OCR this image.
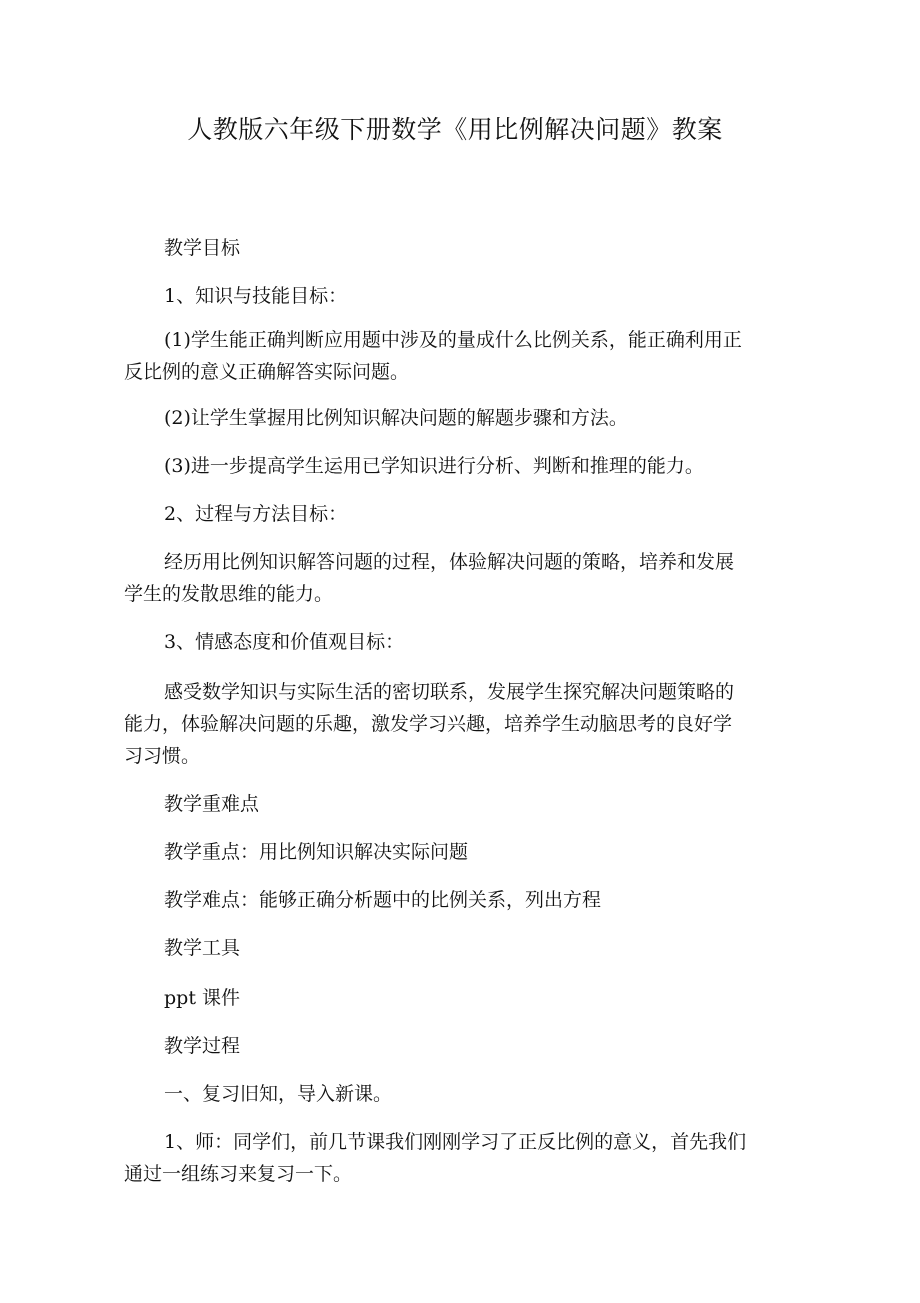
人教版六年级下册数学《用比例解决问题》教案
教学目标
1、知识与技能目标：
(1)学生能正确判断应用题中涉及的量成什么比例关系，能正确利用正
反比例的意义正确解答实际问题。
(2)让学生掌握用比例知识解决问题的解题步骤和方法。
(3)进一步提高学生运用已学知识进行分析、判断和推理的能力。
2、过程与方法目标：
经历用比例知识解答问题的过程，体验解决问题的策略，培养和发展
学生的发散思维的能力。
3、情感态度和价值观目标：
感受数学知识与实际生活的密切联系，发展学生探究解决问题策略的
能力，体验解决问题的乐趣，激发学习兴趣，培养学生动脑思考的良好学
习习惯。
教学重难点
教学重点：用比例知识解决实际问题
教学难点：能够正确分析题中的比例关系，列出方程
教学工具
ppt 课件
教学过程
一、复习旧知，导入新课。
1、师：同学们，前几节课我们刚刚学习了正反比例的意义，首先我们
通过一组练习来复习一下。
